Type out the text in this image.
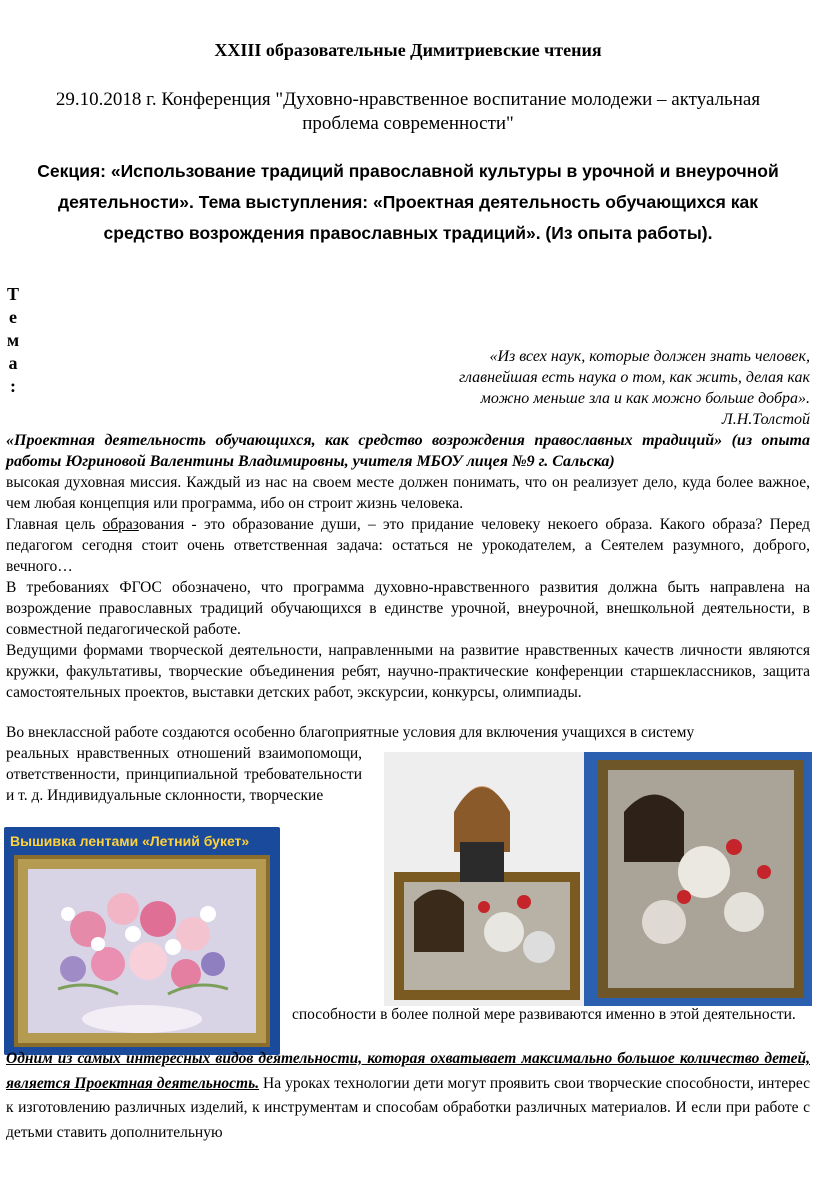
XXIII образовательные Димитриевские чтения
29.10.2018 г. Конференция "Духовно-нравственное воспитание молодежи – актуальная проблема современности"
Секция: «Использование традиций православной культуры в урочной и внеурочной деятельности». Тема выступления: «Проектная деятельность обучающихся как средство возрождения православных традиций». (Из опыта работы).
Т
е
м
а
:
«Из всех наук, которые должен знать человек,
главнейшая есть наука о том, как жить, делая как
можно меньше зла и как можно больше добра».
Л.Н.Толстой
«Проектная деятельность обучающихся, как средство возрождения православных традиций» (из опыта работы Югриновой Валентины Владимировны, учителя МБОУ лицея №9 г. Сальска)

высокая духовная миссия. Каждый из нас на своем месте должен понимать, что он реализует дело, куда более важное, чем любая концепция или программа, ибо он строит жизнь человека.

Главная цель образования - это образование души, – это придание человеку некоего образа. Какого образа? Перед педагогом сегодня стоит очень ответственная задача: остаться не урокодателем, а Сеятелем разумного, доброго, вечного…

В требованиях ФГОС обозначено, что программа духовно-нравственного развития должна быть направлена на возрождение православных традиций обучающихся в единстве урочной, внеурочной, внешкольной деятельности, в совместной педагогической работе.

Ведущими формами творческой деятельности, направленными на развитие нравственных качеств личности являются кружки, факультативы, творческие объединения ребят, научно-практические конференции старшеклассников, защита самостоятельных проектов, выставки детских работ, экскурсии, конкурсы, олимпиады.

Во внеклассной работе создаются особенно благоприятные условия для включения учащихся в систему

реальных нравственных отношений взаимопомощи, ответственности, принципиальной требовательности и т. д. Индивидуальные склонности, творческие

Вышивка лентами «Летний букет»

способности в более полной мере развиваются именно в этой деятельности.

Одним из самых интересных видов деятельности, которая охватывает максимально большое количество детей, является Проектная деятельность. На уроках технологии дети могут проявить свои творческие способности, интерес к изготовлению различных изделий, к инструментам и способам обработки различных материалов. И если при работе с детьми ставить дополнительную
